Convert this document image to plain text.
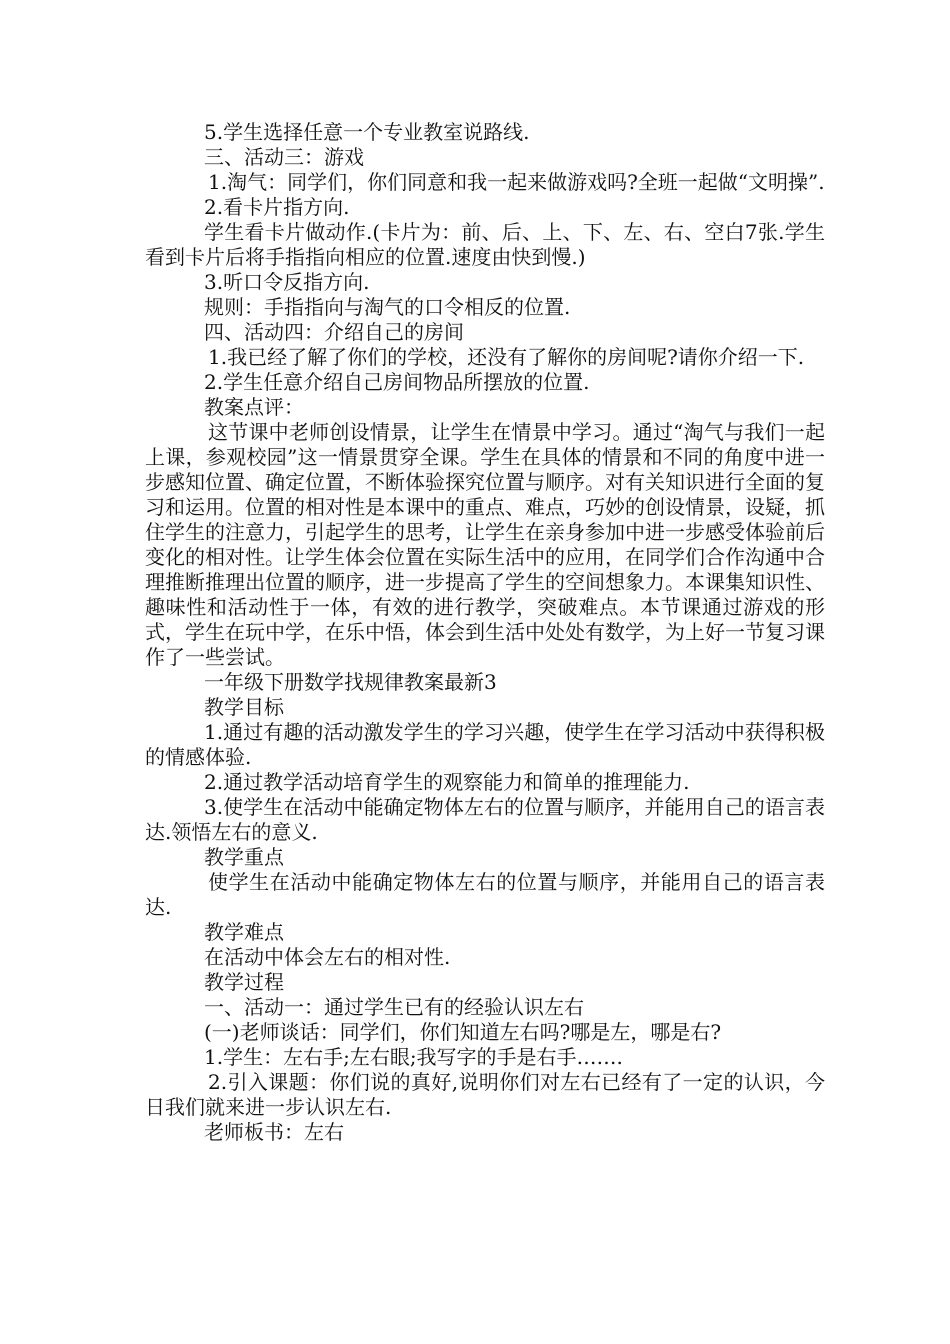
5.学生选择任意一个专业教室说路线.

三、活动三：游戏

1.淘气：同学们，你们同意和我一起来做游戏吗?全班一起做“文明操”.

2.看卡片指方向.

学生看卡片做动作.(卡片为：前、后、上、下、左、右、空白7张.学生看到卡片后将手指指向相应的位置.速度由快到慢.)

3.听口令反指方向.

规则：手指指向与淘气的口令相反的位置.

四、活动四：介绍自己的房间

1.我已经了解了你们的学校，还没有了解你的房间呢?请你介绍一下.

2.学生任意介绍自己房间物品所摆放的位置.

教案点评：

这节课中老师创设情景，让学生在情景中学习。通过“淘气与我们一起上课，参观校园”这一情景贯穿全课。学生在具体的情景和不同的角度中进一步感知位置、确定位置，不断体验探究位置与顺序。对有关知识进行全面的复习和运用。位置的相对性是本课中的重点、难点，巧妙的创设情景，设疑，抓住学生的注意力，引起学生的思考，让学生在亲身参加中进一步感受体验前后变化的相对性。让学生体会位置在实际生活中的应用，在同学们合作沟通中合理推断推理出位置的顺序，进一步提高了学生的空间想象力。本课集知识性、趣味性和活动性于一体，有效的进行教学，突破难点。本节课通过游戏的形式，学生在玩中学，在乐中悟，体会到生活中处处有数学，为上好一节复习课作了一些尝试。

一年级下册数学找规律教案最新3

教学目标

1.通过有趣的活动激发学生的学习兴趣，使学生在学习活动中获得积极的情感体验.

2.通过教学活动培育学生的观察能力和简单的推理能力.

3.使学生在活动中能确定物体左右的位置与顺序，并能用自己的语言表达.领悟左右的意义.

教学重点

使学生在活动中能确定物体左右的位置与顺序，并能用自己的语言表达.

教学难点

在活动中体会左右的相对性.

教学过程

一、活动一：通过学生已有的经验认识左右

(一)老师谈话：同学们，你们知道左右吗?哪是左，哪是右?

1.学生：左右手;左右眼;我写字的手是右手…….

2.引入课题：你们说的真好,说明你们对左右已经有了一定的认识，今日我们就来进一步认识左右.

老师板书：左右
